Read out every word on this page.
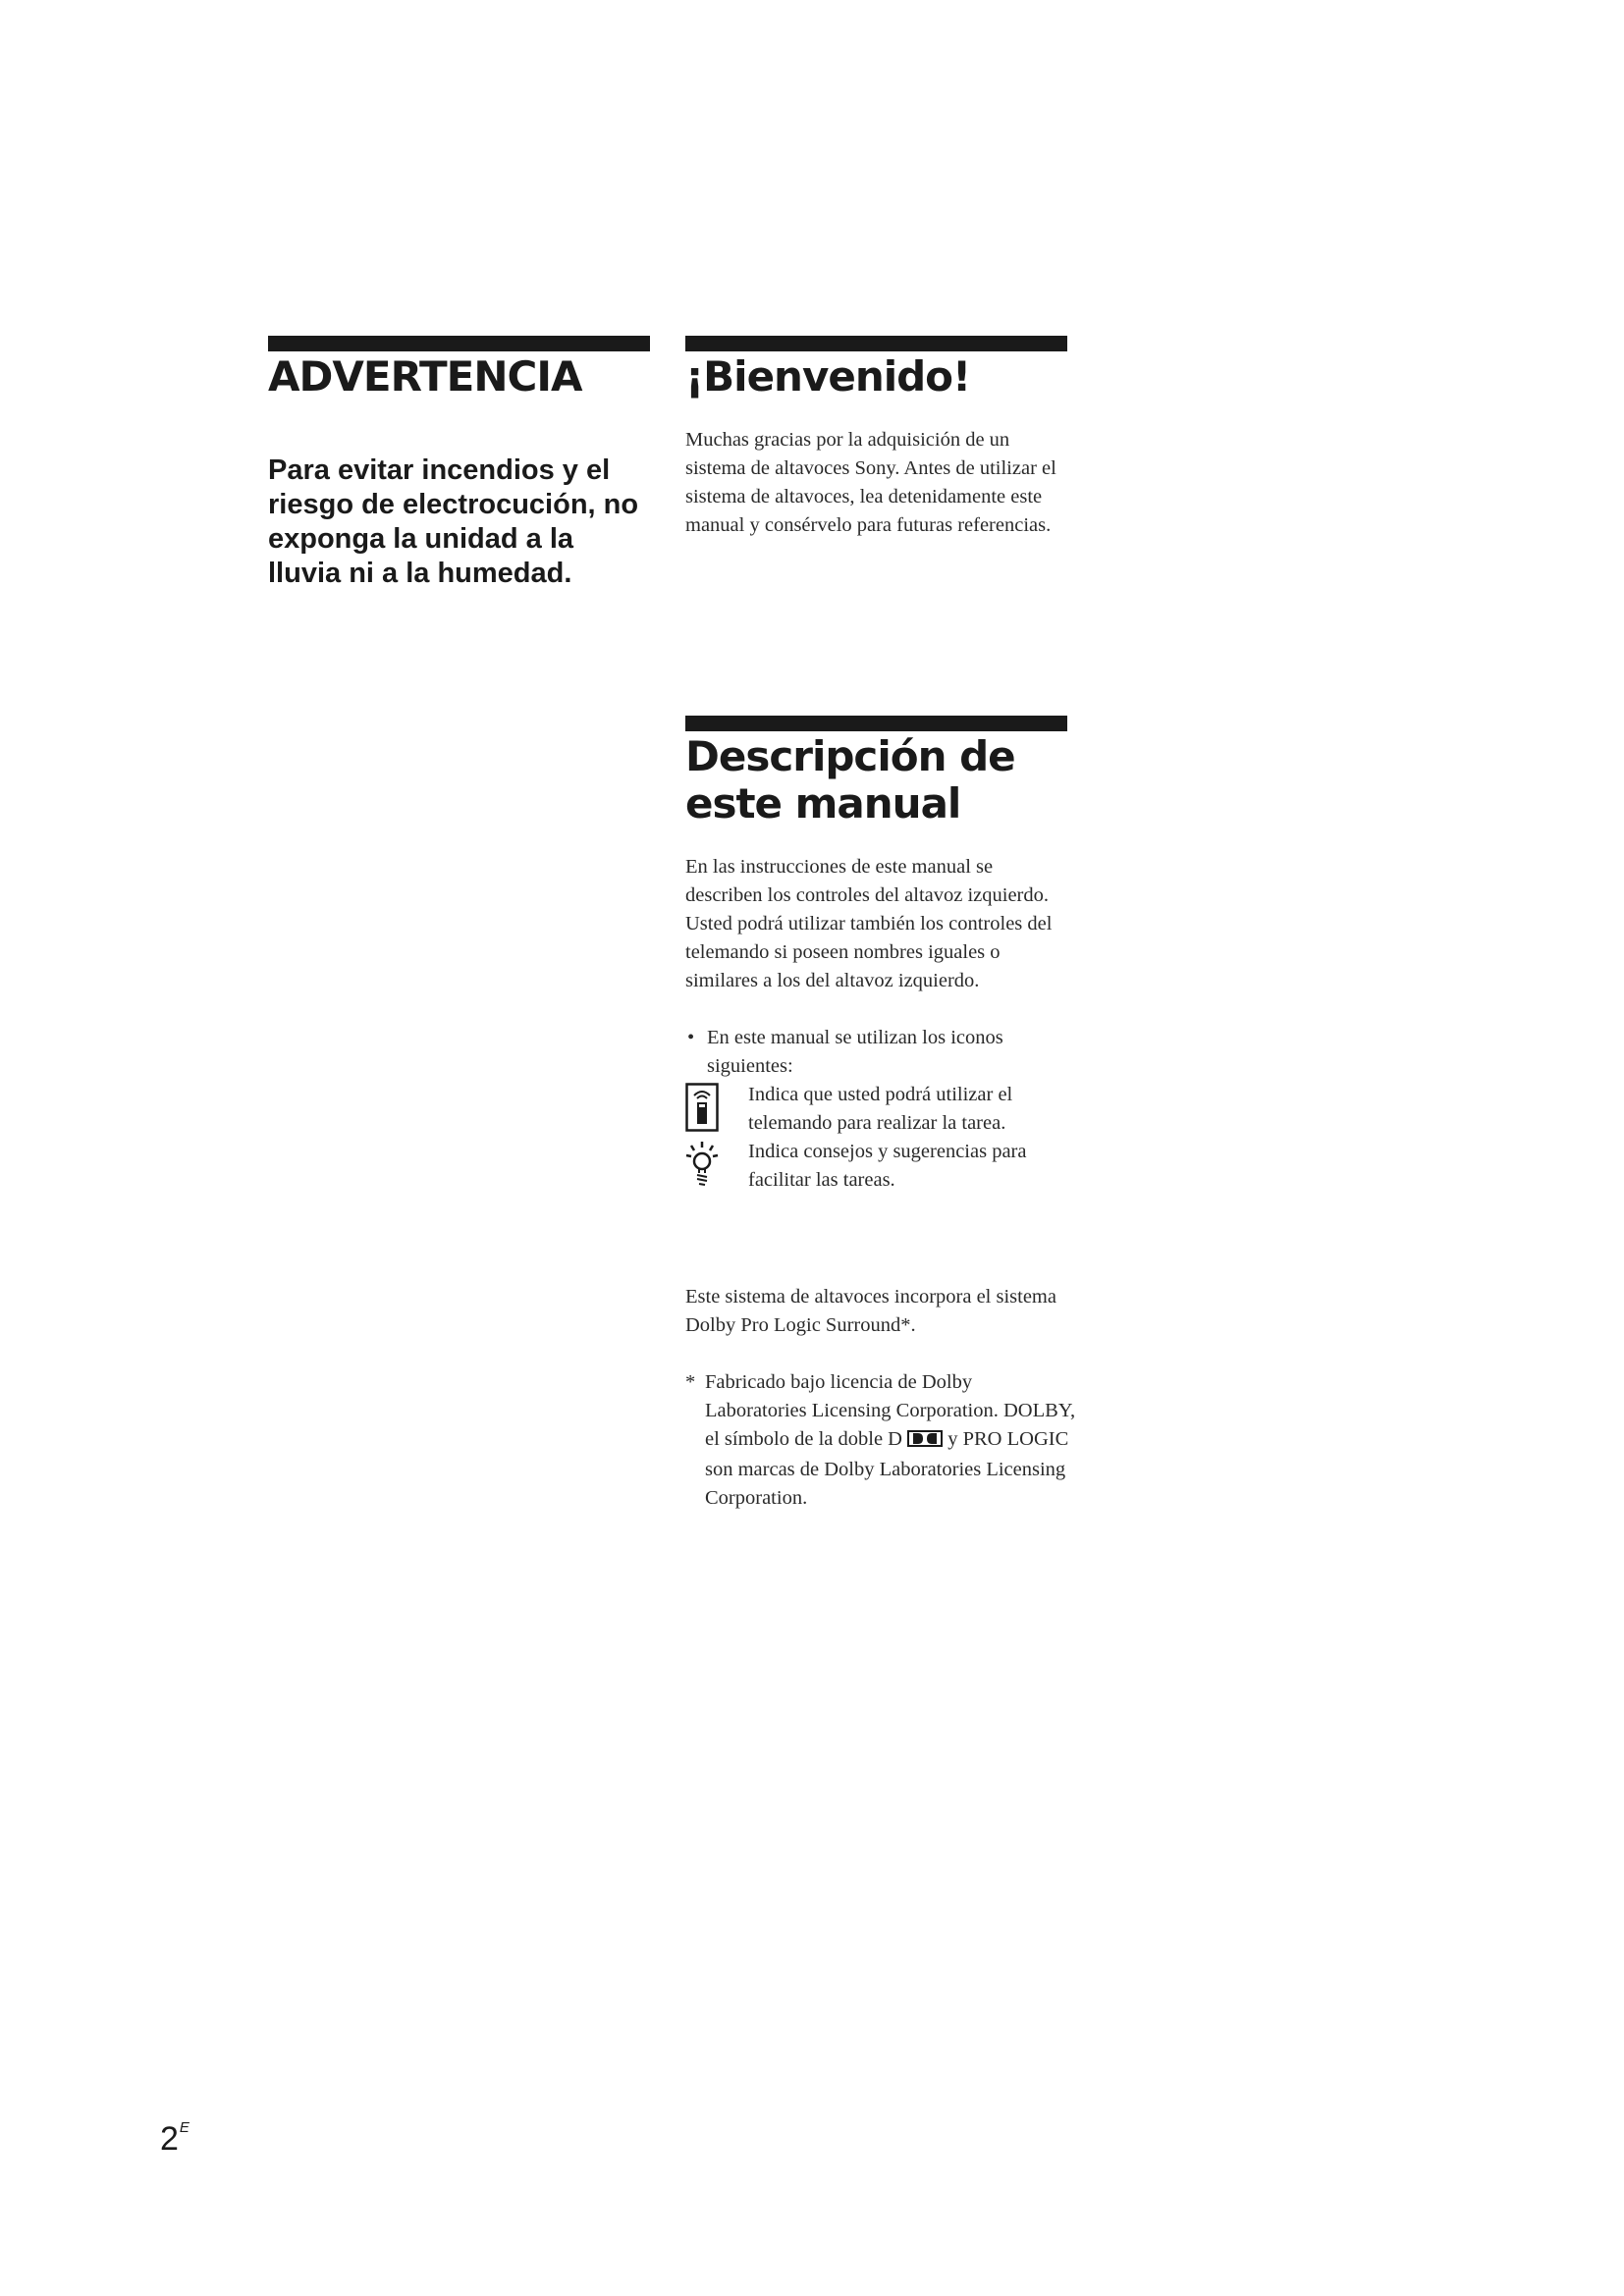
ADVERTENCIA

Para evitar incendios y el riesgo de electrocución, no exponga la unidad a la lluvia ni a la humedad.

¡Bienvenido!

Muchas gracias por la adquisición de un sistema de altavoces Sony. Antes de utilizar el sistema de altavoces, lea detenidamente este manual y consérvelo para futuras referencias.

Descripción de este manual

En las instrucciones de este manual se describen los controles del altavoz izquierdo. Usted podrá utilizar también los controles del telemando si poseen nombres iguales o similares a los del altavoz izquierdo.

• En este manual se utilizan los iconos siguientes:

Indica que usted podrá utilizar el telemando para realizar la tarea.
Indica consejos y sugerencias para facilitar las tareas.

Este sistema de altavoces incorpora el sistema Dolby Pro Logic Surround*.

* Fabricado bajo licencia de Dolby Laboratories Licensing Corporation. DOLBY, el símbolo de la doble D y PRO LOGIC son marcas de Dolby Laboratories Licensing Corporation.
$2^E$
